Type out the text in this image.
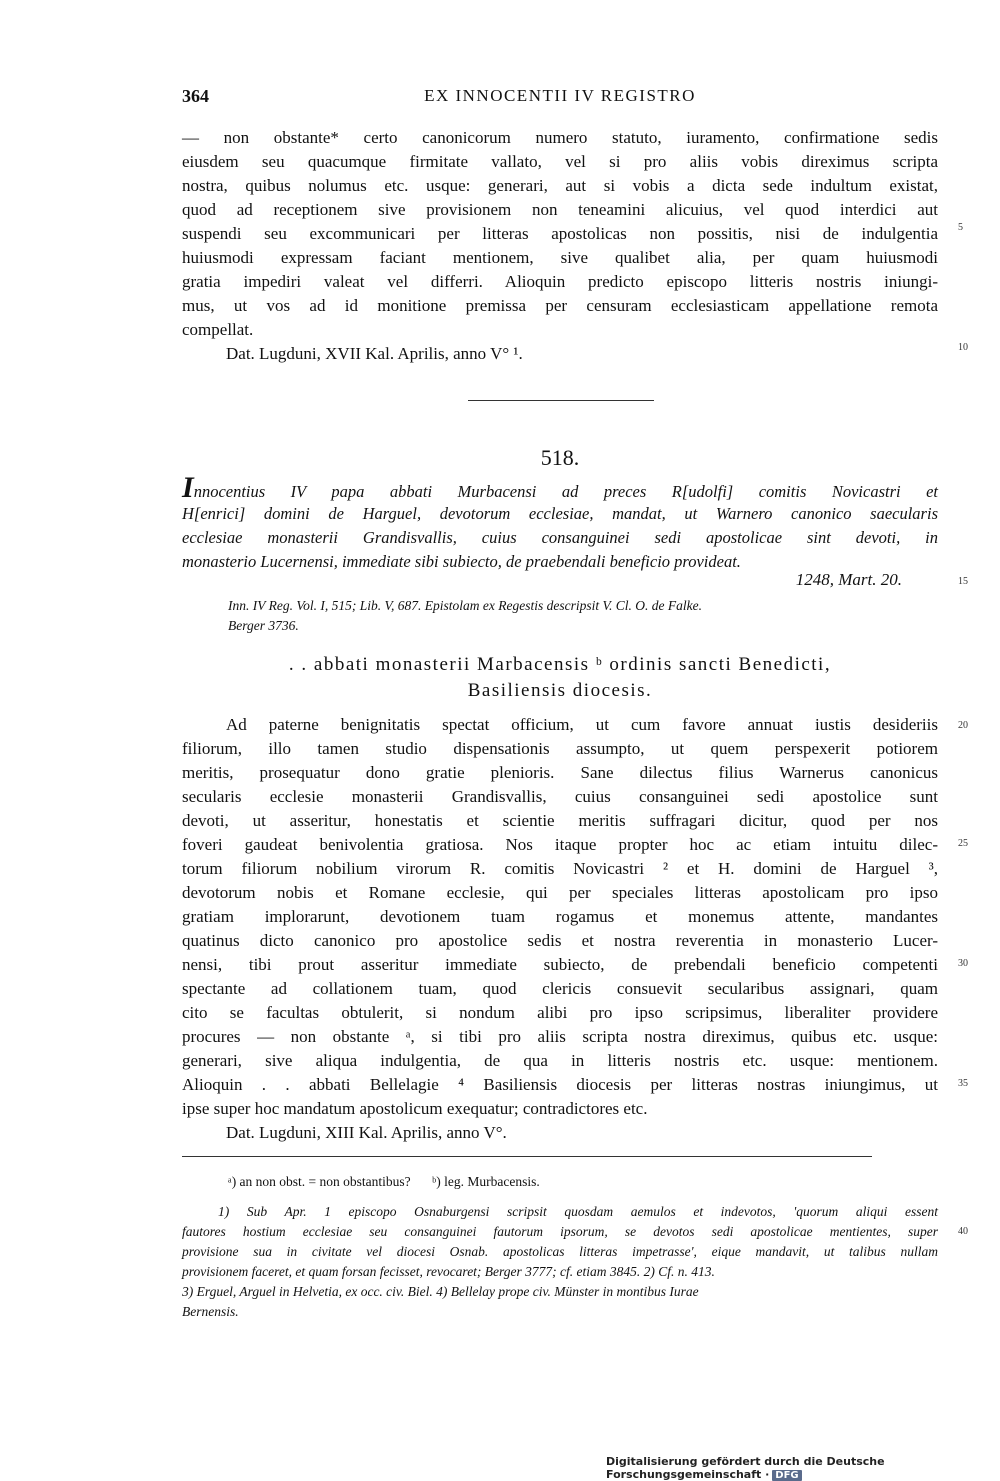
364	EX INNOCENTII IV REGISTRO
— non obstante* certo canonicorum numero statuto, iuramento, confirmatione sedis
eiusdem seu quacumque firmitate vallato, vel si pro aliis vobis direximus scripta
nostra, quibus nolumus etc. usque: generari, aut si vobis a dicta sede indultum existat,
quod ad receptionem sive provisionem non teneamini alicuius, vel quod interdici aut
suspendi seu excommunicari per litteras apostolicas non possitis, nisi de indulgentia
huiusmodi expressam faciant mentionem, sive qualibet alia, per quam huiusmodi
gratia impediri valeat vel differri. Alioquin predicto episcopo litteris nostris iniungi-
mus, ut vos ad id monitione premissa per censuram ecclesiasticam appellatione remota
compellat.
Dat. Lugduni, XVII Kal. Aprilis, anno V° ¹.
5
10
518.
Innocentius IV papa abbati Murbacensi ad preces R[udolfi] comitis Novicastri et
H[enrici] domini de Harguel, devotorum ecclesiae, mandat, ut Warnero canonico saecularis
ecclesiae monasterii Grandisvallis, cuius consanguinei sedi apostolicae sint devoti, in
monasterio Lucernensi, immediate sibi subiecto, de praebendali beneficio provideat.
1248, Mart. 20.	15
Inn. IV Reg. Vol. I, 515; Lib. V, 687. Epistolam ex Regestis descripsit V. Cl. O. de Falke.
Berger 3736.
. . abbati monasterii Marbacensis ᵇ ordinis sancti Benedicti,
Basiliensis diocesis.
Ad paterne benignitatis spectat officium, ut cum favore annuat iustis desideriis
filiorum, illo tamen studio dispensationis assumpto, ut quem perspexerit potiorem
meritis, prosequatur dono gratie plenioris. Sane dilectus filius Warnerus canonicus
secularis ecclesie monasterii Grandisvallis, cuius consanguinei sedi apostolice sunt
devoti, ut asseritur, honestatis et scientie meritis suffragari dicitur, quod per nos
foveri gaudeat benivolentia gratiosa. Nos itaque propter hoc ac etiam intuitu dilec-
torum filiorum nobilium virorum R. comitis Novicastri ² et H. domini de Harguel ³,
devotorum nobis et Romane ecclesie, qui per speciales litteras apostolicam pro ipso
gratiam implorarunt, devotionem tuam rogamus et monemus attente, mandantes
quatinus dicto canonico pro apostolice sedis et nostra reverentia in monasterio Lucer-
nensi, tibi prout asseritur immediate subiecto, de prebendali beneficio competenti
spectante ad collationem tuam, quod clericis consuevit secularibus assignari, quam
cito se facultas obtulerit, si nondum alibi pro ipso scripsimus, liberaliter providere
procures — non obstante ᵃ, si tibi pro aliis scripta nostra direximus, quibus etc. usque:
generari, sive aliqua indulgentia, de qua in litteris nostris etc. usque: mentionem.
Alioquin . . abbati Bellelagie ⁴ Basiliensis diocesis per litteras nostras iniungimus, ut
ipse super hoc mandatum apostolicum exequatur; contradictores etc.
Dat. Lugduni, XIII Kal. Aprilis, anno V°.
20
25
30
35
ᵃ) an non obst. = non obstantibus? ᵇ) leg. Murbacensis.
1) Sub Apr. 1 episcopo Osnaburgensi scripsit quosdam aemulos et indevotos, 'quorum aliqui essent
fautores hostium ecclesiae seu consanguinei fautorum ipsorum, se devotos sedi apostolicae mentientes, super
provisione sua in civitate vel diocesi Osnab. apostolicas litteras impetrasse', eique mandavit, ut talibus nullam
provisionem faceret, et quam forsan fecisset, revocaret; Berger 3777; cf. etiam 3845. 2) Cf. n. 413.
3) Erguel, Arguel in Helvetia, ex occ. civ. Biel. 4) Bellelay prope civ. Münster in montibus Iurae
Bernensis.
40
Digitalisierung gefördert durch die Deutsche Forschungsgemeinschaft · DFG
